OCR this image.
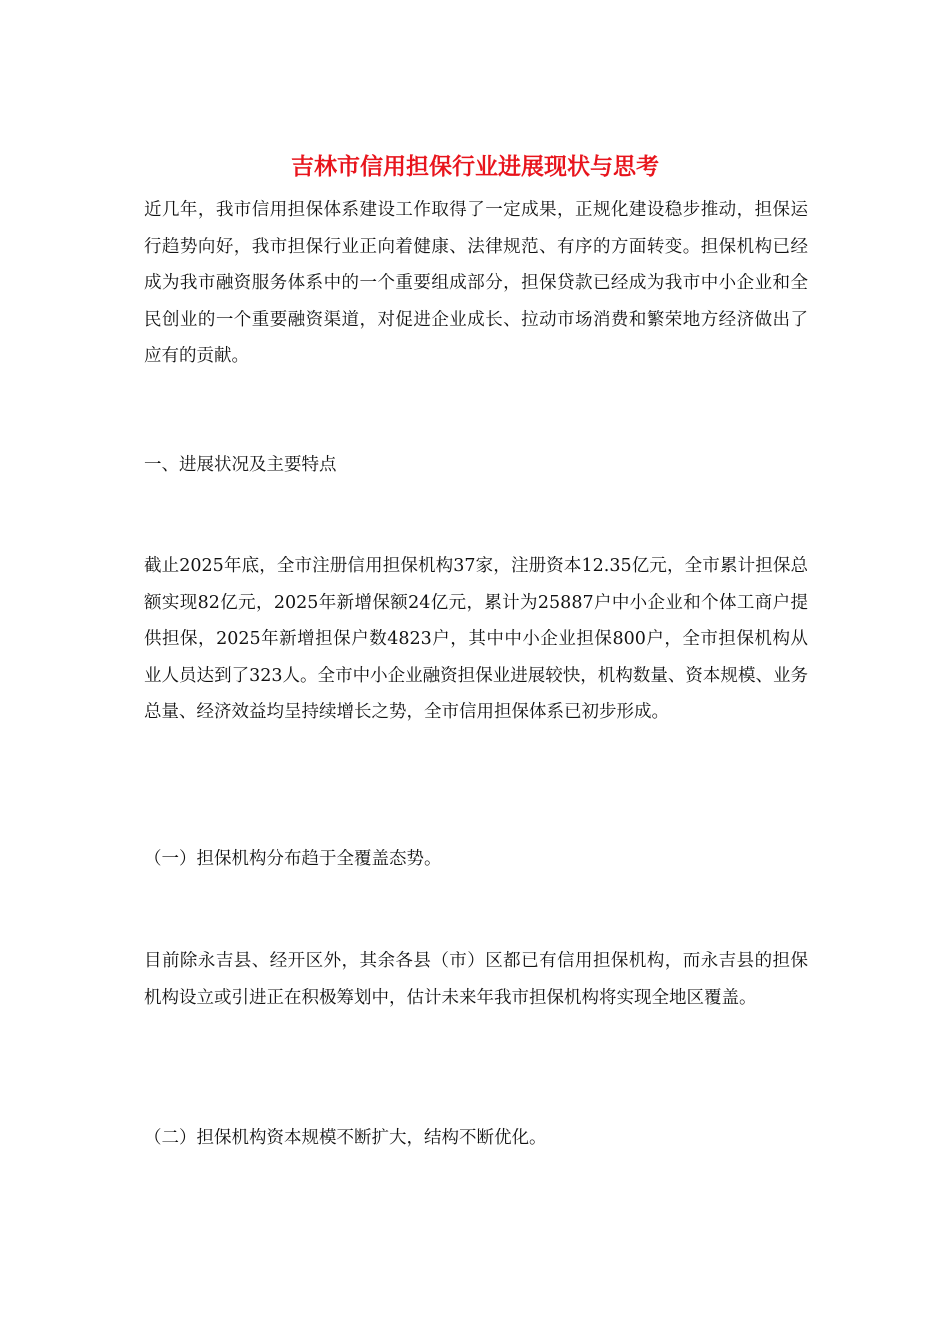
吉林市信用担保行业进展现状与思考

近几年，我市信用担保体系建设工作取得了一定成果，正规化建设稳步推动，担保运行趋势向好，我市担保行业正向着健康、法律规范、有序的方面转变。担保机构已经成为我市融资服务体系中的一个重要组成部分，担保贷款已经成为我市中小企业和全民创业的一个重要融资渠道，对促进企业成长、拉动市场消费和繁荣地方经济做出了应有的贡献。

一、进展状况及主要特点

截止2025年底，全市注册信用担保机构37家，注册资本12.35亿元，全市累计担保总额实现82亿元，2025年新增保额24亿元，累计为25887户中小企业和个体工商户提供担保，2025年新增担保户数4823户，其中中小企业担保800户，全市担保机构从业人员达到了323人。全市中小企业融资担保业进展较快，机构数量、资本规模、业务总量、经济效益均呈持续增长之势，全市信用担保体系已初步形成。

（一）担保机构分布趋于全覆盖态势。

目前除永吉县、经开区外，其余各县（市）区都已有信用担保机构，而永吉县的担保机构设立或引进正在积极筹划中，估计未来年我市担保机构将实现全地区覆盖。

（二）担保机构资本规模不断扩大，结构不断优化。
